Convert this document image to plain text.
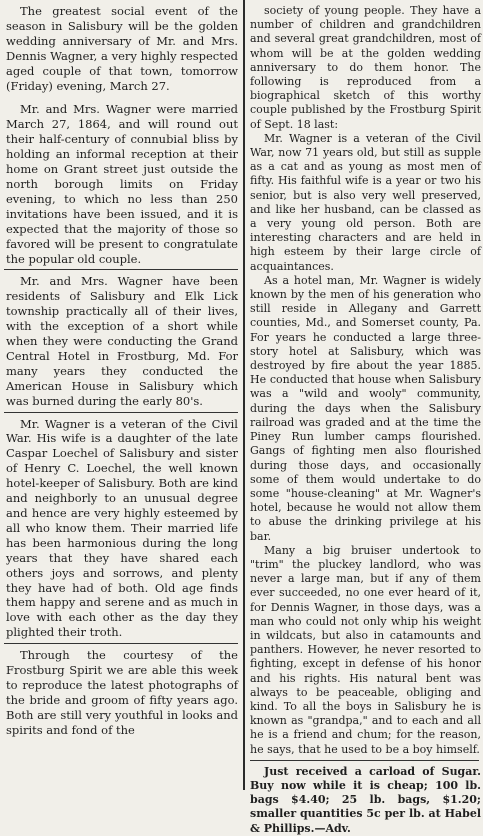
The greatest social event of the season in Salisbury will be the golden wedding anniversary of Mr. and Mrs. Dennis Wagner, a very highly respected aged couple of that town, tomorrow (Friday) evening, March 27.

Mr. and Mrs. Wagner were married March 27, 1864, and will round out their half-century of connubial bliss by holding an informal reception at their home on Grant street just outside the north borough limits on Friday evening, to which no less than 250 invitations have been issued, and it is expected that the majority of those so favored will be present to congratulate the popular old couple.

Mr. and Mrs. Wagner have been residents of Salisbury and Elk Lick township practically all of their lives, with the exception of a short while when they were conducting the Grand Central Hotel in Frostburg, Md. For many years they conducted the American House in Salisbury which was burned during the early 80's.

Mr. Wagner is a veteran of the Civil War. His wife is a daughter of the late Caspar Loechel of Salisbury and sister of Henry C. Loechel, the well known hotel-keeper of Salisbury. Both are kind and neighborly to an unusual degree and hence are very highly esteemed by all who know them. Their married life has been harmonious during the long years that they have shared each others joys and sorrows, and plenty they have had of both. Old age finds them happy and serene and as much in love with each other as the day they plighted their troth.

Through the courtesy of the Frostburg Spirit we are able this week to reproduce the latest photographs of the bride and groom of fifty years ago. Both are still very youthful in looks and spirits and fond of the

society of young people. They have a number of children and grandchildren and several great grandchildren, most of whom will be at the golden wedding anniversary to do them honor. The following is reproduced from a biographical sketch of this worthy couple published by the Frostburg Spirit of Sept. 18 last:

Mr. Wagner is a veteran of the Civil War, now 71 years old, but still as supple as a cat and as young as most men of fifty. His faithful wife is a year or two his senior, but is also very well preserved, and like her husband, can be classed as a very young old person. Both are interesting characters and are held in high esteem by their large circle of acquaintances.

As a hotel man, Mr. Wagner is widely known by the men of his generation who still reside in Allegany and Garrett counties, Md., and Somerset county, Pa. For years he conducted a large three-story hotel at Salisbury, which was destroyed by fire about the year 1885. He conducted that house when Salisbury was a "wild and wooly" community, during the days when the Salisbury railroad was graded and at the time the Piney Run lumber camps flourished. Gangs of fighting men also flourished during those days, and occasionally some of them would undertake to do some "house-cleaning" at Mr. Wagner's hotel, because he would not allow them to abuse the drinking privilege at his bar.

Many a big bruiser undertook to "trim" the pluckey landlord, who was never a large man, but if any of them ever succeeded, no one ever heard of it, for Dennis Wagner, in those days, was a man who could not only whip his weight in wildcats, but also in catamounts and panthers. However, he never resorted to fighting, except in defense of his honor and his rights. His natural bent was always to be peaceable, obliging and kind. To all the boys in Salisbury he is known as "grandpa," and to each and all he is a friend and chum; for the reason, he says, that he used to be a boy himself.

Just received a carload of Sugar. Buy now while it is cheap; 100 lb. bags $4.40; 25 lb. bags, $1.20; smaller quantities 5c per lb. at Habel & Phillips.—Adv.
